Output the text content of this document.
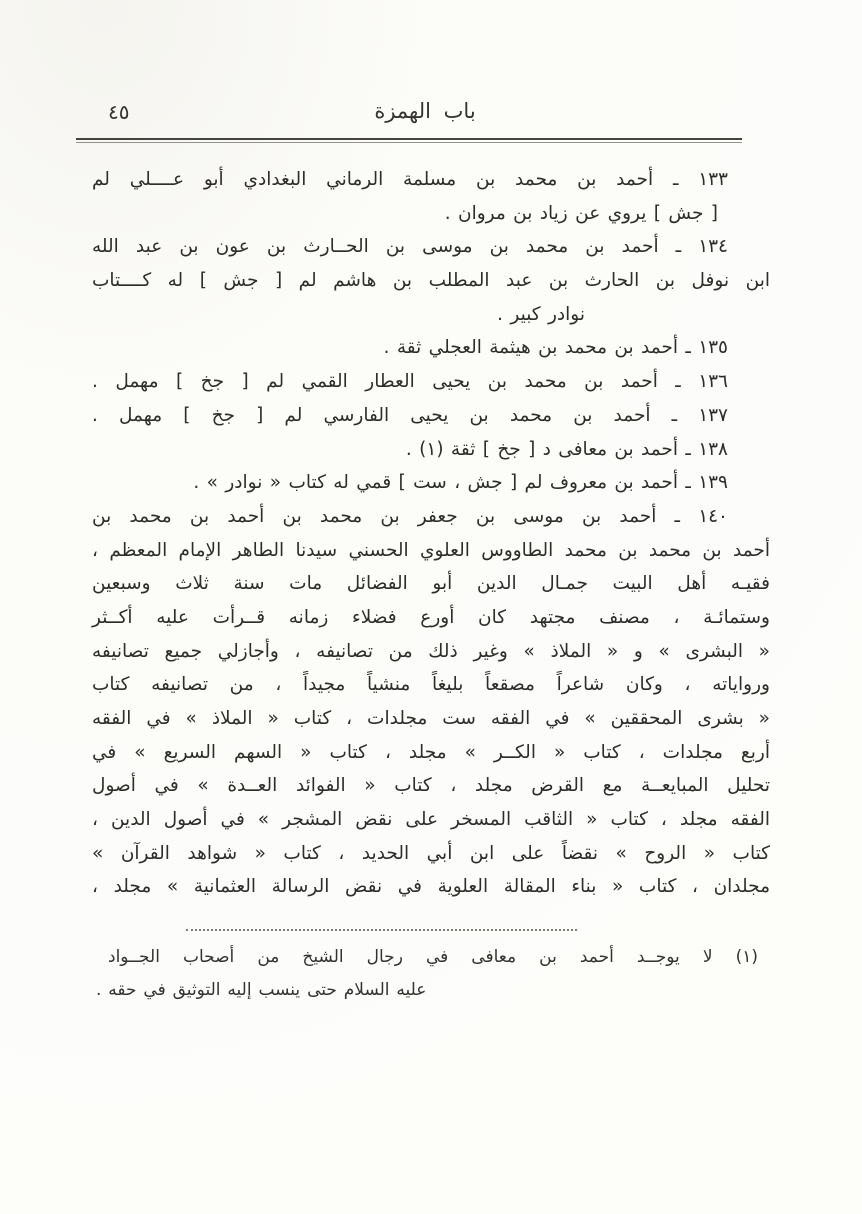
٤٥	باب الهمزة
١٣٣ ـ أحمد بن محمد بن مسلمة الرماني البغدادي أبو عــــلي لم
[ جش ] يروي عن زياد بن مروان .
١٣٤ ـ أحمد بن محمد بن موسى بن الحــارث بن عون بن عبد الله
ابن نوفل بن الحارث بن عبد المطلب بن هاشم لم [ جش ] له كــــتاب
نوادر كبير .
١٣٥ ـ أحمد بن محمد بن هيثمة العجلي ثقة .
١٣٦ ـ أحمد بن محمد بن يحيى العطار القمي لم [ جخ ] مهمل .
١٣٧ ـ أحمد بن محمد بن يحيى الفارسي لم [ جخ ] مهمل .
١٣٨ ـ أحمد بن معافى د [ جخ ] ثقة (١) .
١٣٩ ـ أحمد بن معروف لم [ جش ، ست ] قمي له كتاب « نوادر » .
١٤٠ ـ أحمد بن موسى بن جعفر بن محمد بن أحمد بن محمد بن
أحمد بن محمد بن محمد الطاووس العلوي الحسني سيدنا الطاهر الإمام المعظم ،
فقيـه أهل البيت جمـال الدين أبو الفضائل مات سنة ثلاث وسبعين
وستمائـة ، مصنف مجتهد كان أورع فضلاء زمانه قــرأت عليه أكــثر
« البشرى » و « الملاذ » وغير ذلك من تصانيفه ، وأجازلي جميع تصانيفه
ورواياته ، وكان شاعراً مصقعاً بليغاً منشياً مجيداً ، من تصانيفه كتاب
« بشرى المحققين » في الفقه ست مجلدات ، كتاب « الملاذ » في الفقه
أربع مجلدات ، كتاب « الكــر » مجلد ، كتاب « السهم السريع » في
تحليل المبايعــة مع القرض مجلد ، كتاب « الفوائد العــدة » في أصول
الفقه مجلد ، كتاب « الثاقب المسخر على نقض المشجر » في أصول الدين ،
كتاب « الروح » نقضاً على ابن أبي الحديد ، كتاب « شواهد القرآن »
مجلدان ، كتاب « بناء المقالة العلوية في نقض الرسالة العثمانية » مجلد ،
(١) لا يوجــد أحمد بن معافى في رجال الشيخ من أصحاب الجــواد
عليه السلام حتى ينسب إليه التوثيق في حقه .
